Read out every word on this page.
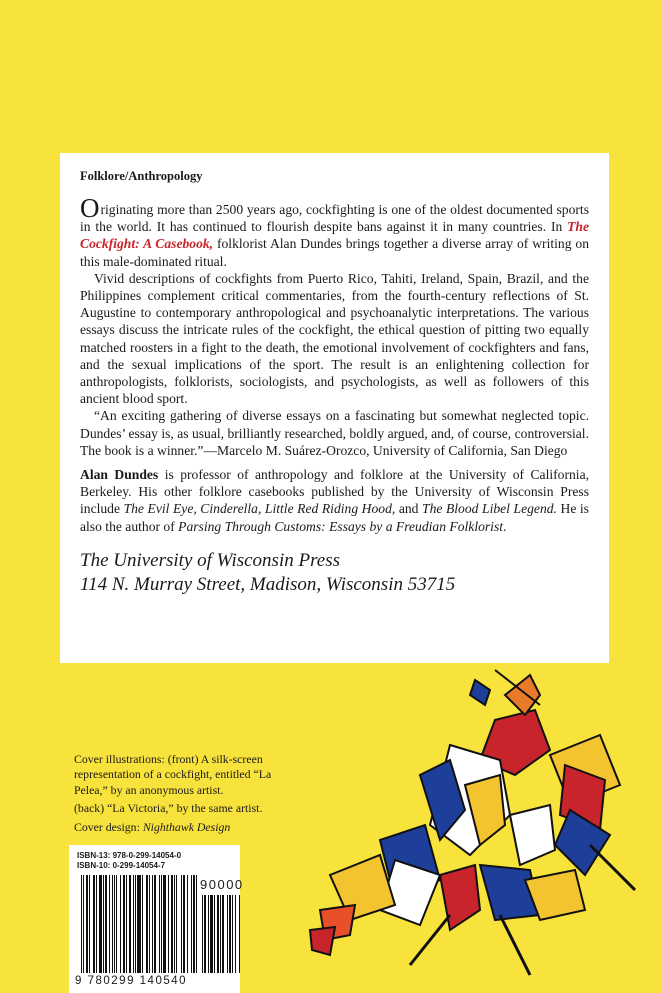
Folklore/Anthropology

Originating more than 2500 years ago, cockfighting is one of the oldest documented sports in the world. It has continued to flourish despite bans against it in many countries. In The Cockfight: A Casebook, folklorist Alan Dundes brings together a diverse array of writing on this male-dominated ritual.

Vivid descriptions of cockfights from Puerto Rico, Tahiti, Ireland, Spain, Brazil, and the Philippines complement critical commentaries, from the fourth-century reflections of St. Augustine to contemporary anthropological and psychoanalytic interpretations. The various essays discuss the intricate rules of the cockfight, the ethical question of pitting two equally matched roosters in a fight to the death, the emotional involvement of cockfighters and fans, and the sexual implications of the sport. The result is an enlightening collection for anthropologists, folklorists, sociologists, and psychologists, as well as followers of this ancient blood sport.

“An exciting gathering of diverse essays on a fascinating but somewhat neglected topic. Dundes’ essay is, as usual, brilliantly researched, boldly argued, and, of course, controversial. The book is a winner.”—Marcelo M. Suárez-Orozco, University of California, San Diego

Alan Dundes is professor of anthropology and folklore at the University of California, Berkeley. His other folklore casebooks published by the University of Wisconsin Press include The Evil Eye, Cinderella, Little Red Riding Hood, and The Blood Libel Legend. He is also the author of Parsing Through Customs: Essays by a Freudian Folklorist.

The University of Wisconsin Press
114 N. Murray Street, Madison, Wisconsin 53715

Cover illustrations: (front) A silk-screen representation of a cockfight, entitled “La Pelea,” by an anonymous artist.

(back) “La Victoria,” by the same artist.

Cover design: Nighthawk Design

ISBN-13: 978-0-299-14054-0
ISBN-10: 0-299-14054-7
9 780299 140540
90000
